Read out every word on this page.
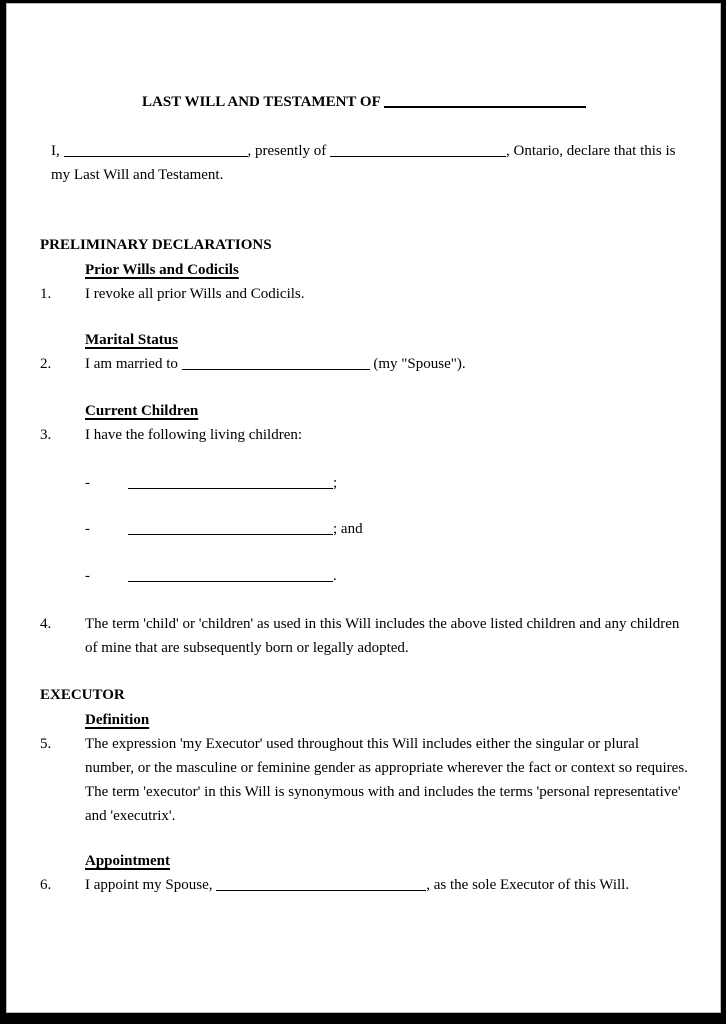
LAST WILL AND TESTAMENT OF
I,	, presently of	, Ontario, declare that this is my Last Will and Testament.
PRELIMINARY DECLARATIONS
Prior Wills and Codicils
1.	I revoke all prior Wills and Codicils.
Marital Status
2.	I am married to	(my "Spouse").
Current Children
3.	I have the following living children:
-	;
-	; and
-	.
4.	The term 'child' or 'children' as used in this Will includes the above listed children and any children of mine that are subsequently born or legally adopted.
EXECUTOR
Definition
5.	The expression 'my Executor' used throughout this Will includes either the singular or plural number, or the masculine or feminine gender as appropriate wherever the fact or context so requires. The term 'executor' in this Will is synonymous with and includes the terms 'personal representative' and 'executrix'.
Appointment
6.	I appoint my Spouse,	, as the sole Executor of this Will.
